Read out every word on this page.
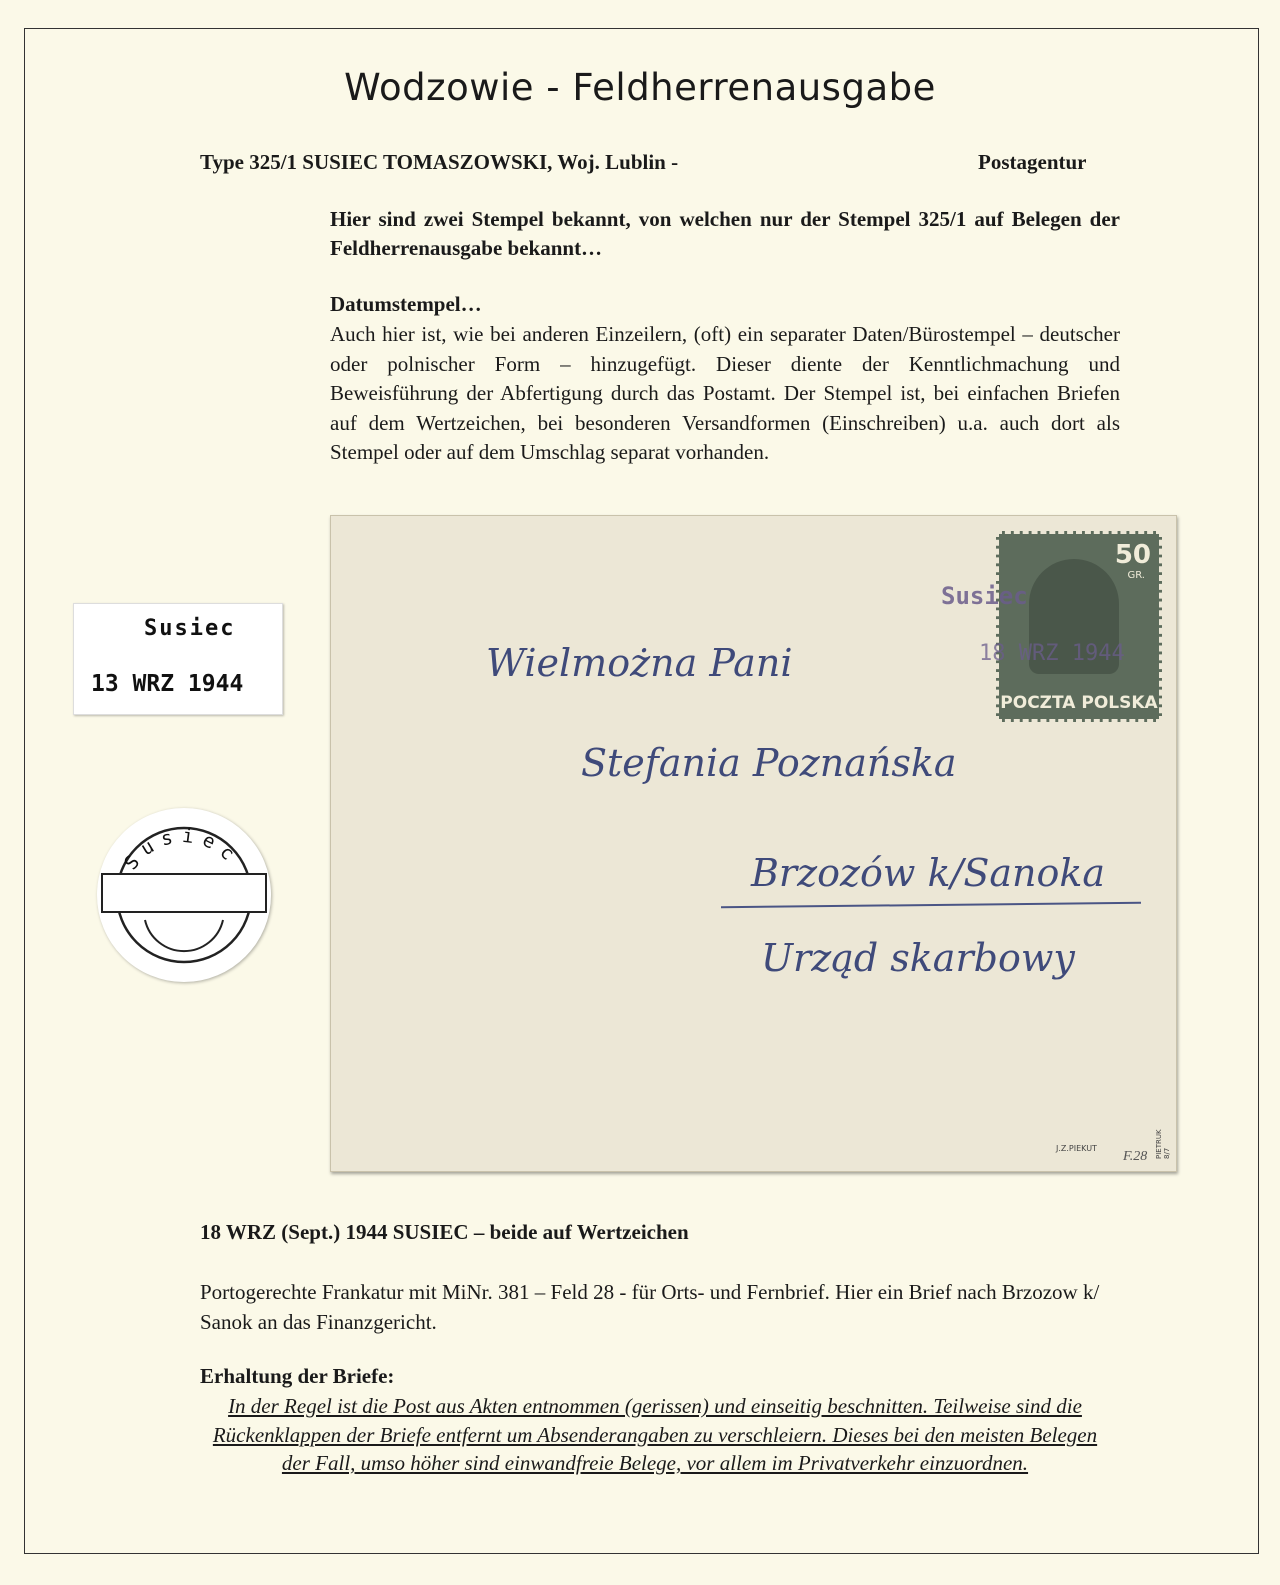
Wodzowie - Feldherrenausgabe
Type 325/1 SUSIEC TOMASZOWSKI, Woj. Lublin -	Postagentur
Hier sind zwei Stempel bekannt, von welchen nur der Stempel 325/1 auf Belegen der Feldherrenausgabe bekannt…
Datumstempel…
Auch hier ist, wie bei anderen Einzeilern, (oft) ein separater Daten/Bürostempel – deutscher oder polnischer Form – hinzugefügt. Dieser diente der Kenntlichmachung und Beweisführung der Abfertigung durch das Postamt. Der Stempel ist, bei einfachen Briefen auf dem Wertzeichen, bei besonderen Versandformen (Einschreiben) u.a. auch dort als Stempel oder auf dem Umschlag separat vorhanden.
Susiec
13 WRZ 1944
Susiec
50
GR.
POCZTA POLSKA
Susiec
18 WRZ 1944
Wielmożna Pani
Stefania Poznańska
Brzozów k/Sanoka
Urząd skarbowy
J.Z.PIEKUT
F.28 PIETRUK 8/7
18 WRZ (Sept.) 1944 SUSIEC – beide auf Wertzeichen
Portogerechte Frankatur mit MiNr. 381 – Feld 28 - für Orts- und Fernbrief. Hier ein Brief nach Brzozow k/ Sanok an das Finanzgericht.
Erhaltung der Briefe:
In der Regel ist die Post aus Akten entnommen (gerissen) und einseitig beschnitten. Teilweise sind die Rückenklappen der Briefe entfernt um Absenderangaben zu verschleiern. Dieses bei den meisten Belegen der Fall, umso höher sind einwandfreie Belege, vor allem im Privatverkehr einzuordnen.
